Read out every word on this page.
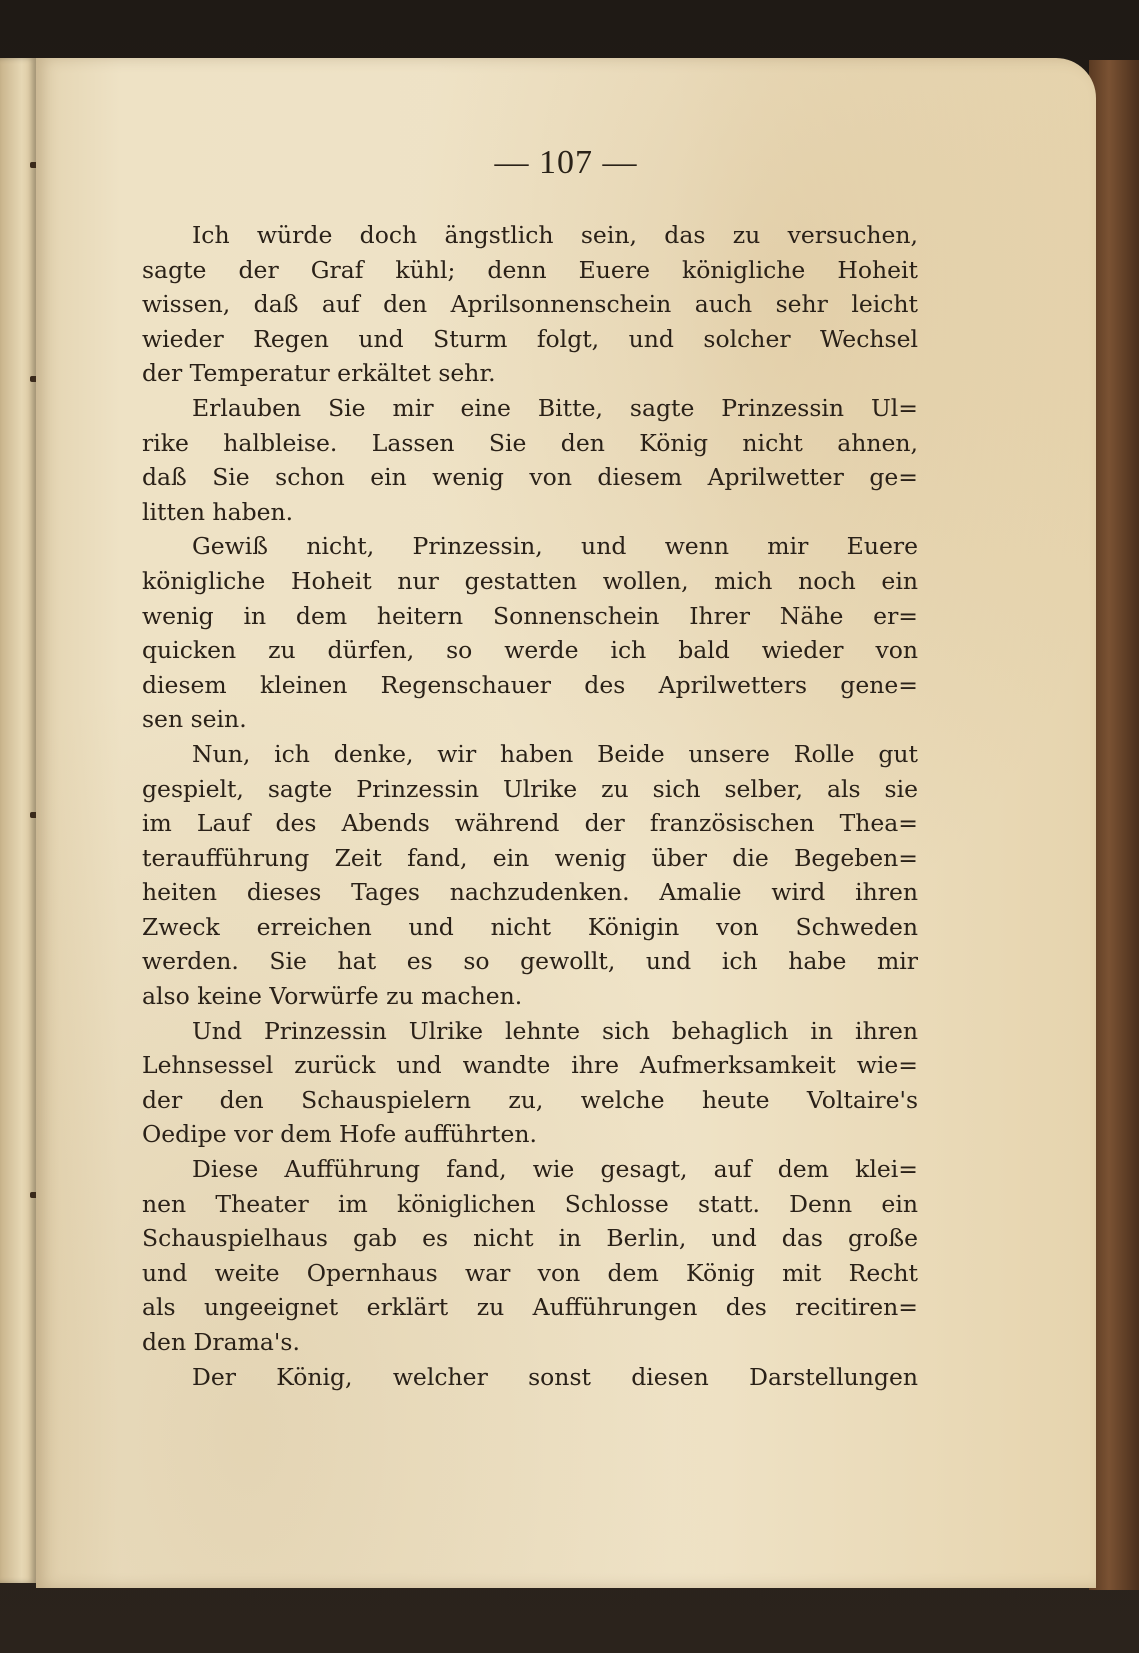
— 107 —
Ich würde doch ängstlich sein, das zu versuchen,
sagte der Graf kühl; denn Euere königliche Hoheit
wissen, daß auf den Aprilsonnenschein auch sehr leicht
wieder Regen und Sturm folgt, und solcher Wechsel
der Temperatur erkältet sehr.
Erlauben Sie mir eine Bitte, sagte Prinzessin Ul=
rike halbleise. Lassen Sie den König nicht ahnen,
daß Sie schon ein wenig von diesem Aprilwetter ge=
litten haben.
Gewiß nicht, Prinzessin, und wenn mir Euere
königliche Hoheit nur gestatten wollen, mich noch ein
wenig in dem heitern Sonnenschein Ihrer Nähe er=
quicken zu dürfen, so werde ich bald wieder von
diesem kleinen Regenschauer des Aprilwetters gene=
sen sein.
Nun, ich denke, wir haben Beide unsere Rolle gut
gespielt, sagte Prinzessin Ulrike zu sich selber, als sie
im Lauf des Abends während der französischen Thea=
teraufführung Zeit fand, ein wenig über die Begeben=
heiten dieses Tages nachzudenken. Amalie wird ihren
Zweck erreichen und nicht Königin von Schweden
werden. Sie hat es so gewollt, und ich habe mir
also keine Vorwürfe zu machen.
Und Prinzessin Ulrike lehnte sich behaglich in ihren
Lehnsessel zurück und wandte ihre Aufmerksamkeit wie=
der den Schauspielern zu, welche heute Voltaire's
Oedipe vor dem Hofe aufführten.
Diese Aufführung fand, wie gesagt, auf dem klei=
nen Theater im königlichen Schlosse statt. Denn ein
Schauspielhaus gab es nicht in Berlin, und das große
und weite Opernhaus war von dem König mit Recht
als ungeeignet erklärt zu Aufführungen des recitiren=
den Drama's.
Der König, welcher sonst diesen Darstellungen
